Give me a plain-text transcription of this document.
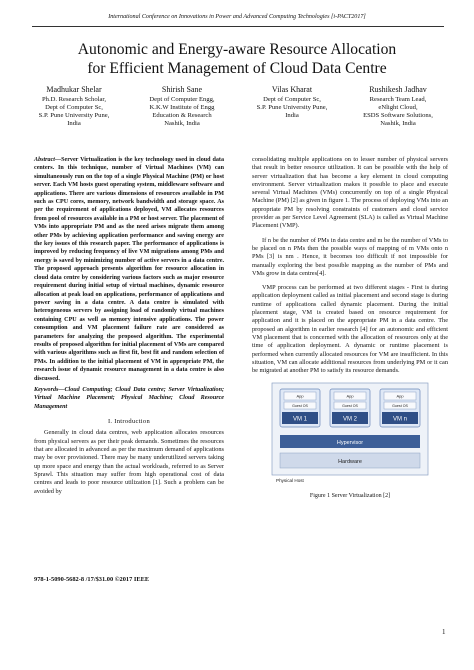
International Conference on Innovations in Power and Advanced Computing Technologies [i-PACT2017]
Autonomic and Energy-aware Resource Allocation
for Efficient Management of Cloud Data Centre
Madhukar Shelar
Ph.D. Research Scholar,
Dept of Computer Sc,
S.P. Pune University Pune,
India
Shirish Sane
Dept of Computer Engg,
K.K.W Institute of Engg
Education & Research
Nashik, India
Vilas Kharat
Dept of Computer Sc,
S.P. Pune University Pune,
India
Rushikesh Jadhav
Research Team Lead,
eNlight Cloud,
ESDS Software Solutions,
Nashik, India
Abstract—Server Virtualization is the key technology used in cloud data centers. In this technique, number of Virtual Machines (VM) can simultaneously run on the top of a single Physical Machine (PM) or host server. Each VM hosts guest operating system, middleware software and applications. There are various dimensions of resources available in PM such as CPU cores, memory, network bandwidth and storage space. As per the requirement of applications deployed, VM allocates resources from pool of resources available in a PM or host server. The placement of VMs into appropriate PM and as the need arises migrate them among other PMs by achieving application performance and saving energy are the key issues of this research paper. The performance of applications is improved by reducing frequency of live VM migrations among PMs and energy is saved by minimizing number of active servers in a data centre. The proposed approach presents algorithm for resource allocation in cloud data centre by considering various factors such as major resource requirement during initial setup of virtual machines, dynamic resource allocation at peak load on applications, performance of applications and power saving in a data centre. A data centre is simulated with heterogeneous servers by assigning load of randomly virtual machines containing CPU as well as memory intensive applications. The power consumption and VM placement failure rate are considered as parameters for analyzing the proposed algorithm. The experimental results of proposed algorithm for initial placement of VMs are compared with various algorithms such as first fit, best fit and random selection of PMs. In addition to the initial placement of VM in appropriate PM, the research issue of dynamic resource management in a data centre is also discussed.
Keywords—Cloud Computing; Cloud Data centre; Server Virtualization; Virtual Machine Placement; Physical Machine; Cloud Resource Management
I. Introduction

Generally in cloud data centres, web application allocates resources from physical servers as per their peak demands. Sometimes the resources that are allocated in advanced as per the maximum demand of applications may be over provisioned. There may be many underutilized servers taking up more space and energy than the actual workloads, referred to as Server Sprawl. This situation may suffer from high operational cost of data centres and leads to poor resource utilization [1]. Such a problem can be avoided by

consolidating multiple applications on to lesser number of physical servers that result in better resource utilization. It can be possible with the help of server virtualization that has become a key element in cloud computing environment. Server virtualization makes it possible to place and execute several Virtual Machines (VMs) concurrently on top of a single Physical Machine (PM) [2] as given in figure 1. The process of deploying VMs into an appropriate PM by resolving constraints of customers and cloud service provider as per Service Level Agreement (SLA) is called as Virtual Machine Placement (VMP).

If n be the number of PMs in data centre and m be the number of VMs to be placed on n PMs then the possible ways of mapping of m VMs onto n PMs [3] is nm . Hence, it becomes too difficult if not impossible for manually exploring the best possible mapping as the number of PMs and VMs grow in data centres[4].

VMP process can be performed at two different stages - First is during application deployment called as initial placement and second stage is during runtime of applications called dynamic placement. During the initial placement stage, VM is created based on resource requirement for application and it is placed on the appropriate PM in a data centre. The proposed an algorithm in earlier research [4] for an autonomic and efficient VM placement that is concerned with the allocation of resources only at the time of application deployment. A dynamic or runtime placement is performed when currently allocated resources for VM are insufficient. In this situation, VM can allocate additional resources from underlying PM or it can be migrated at another PM to satisfy its resource demands.

App
Guest OS
VM 1
App
Guest OS
VM 2
App
Guest OS
VM n
Hypervisor
Hardware
Physical Host
Figure 1 Server Virtualization [2]
978-1-5090-5682-8 /17/$31.00 ©2017 IEEE
1
